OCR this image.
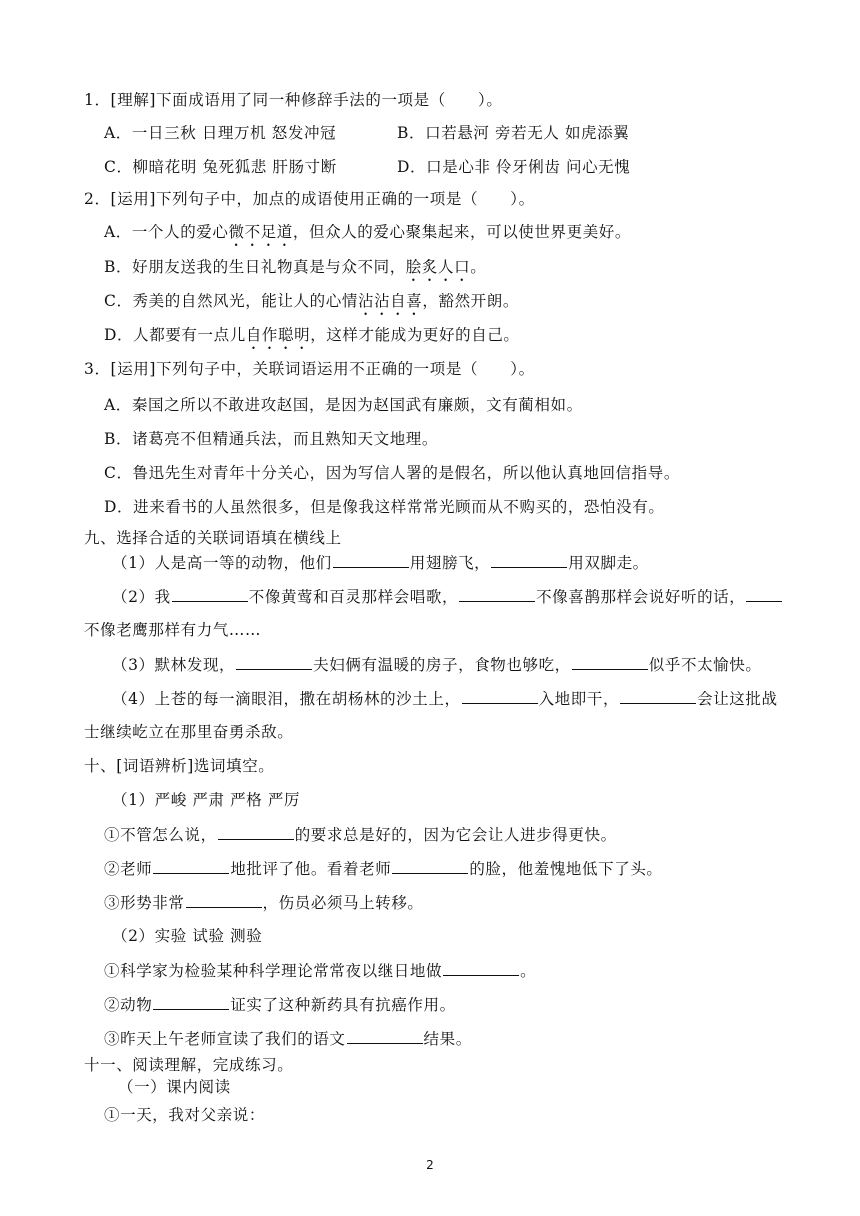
1．[理解]下面成语用了同一种修辞手法的一项是（　　）。
A．一日三秋 日理万机 怒发冲冠	B．口若悬河 旁若无人 如虎添翼
C．柳暗花明 兔死狐悲 肝肠寸断	D．口是心非 伶牙俐齿 问心无愧
2．[运用]下列句子中，加点的成语使用正确的一项是（　　）。
A．一个人的爱心微不足道，但众人的爱心聚集起来，可以使世界更美好。
B．好朋友送我的生日礼物真是与众不同，脍炙人口。
C．秀美的自然风光，能让人的心情沾沾自喜，豁然开朗。
D．人都要有一点儿自作聪明，这样才能成为更好的自己。
3．[运用]下列句子中，关联词语运用不正确的一项是（　　）。
A．秦国之所以不敢进攻赵国，是因为赵国武有廉颇，文有蔺相如。
B．诸葛亮不但精通兵法，而且熟知天文地理。
C．鲁迅先生对青年十分关心，因为写信人署的是假名，所以他认真地回信指导。
D．进来看书的人虽然很多，但是像我这样常常光顾而从不购买的，恐怕没有。
九、选择合适的关联词语填在横线上
（1）人是高一等的动物，他们	用翅膀飞，	用双脚走。
（2）我	不像黄莺和百灵那样会唱歌，	不像喜鹊那样会说好听的话，
不像老鹰那样有力气……
（3）默林发现，	夫妇俩有温暖的房子，食物也够吃，	似乎不太愉快。
（4）上苍的每一滴眼泪，撒在胡杨林的沙土上，	入地即干，	会让这批战
士继续屹立在那里奋勇杀敌。
十、[词语辨析]选词填空。
（1）严峻 严肃 严格 严厉
①不管怎么说，	的要求总是好的，因为它会让人进步得更快。
②老师	地批评了他。看着老师	的脸，他羞愧地低下了头。
③形势非常	，伤员必须马上转移。
（2）实验 试验 测验
①科学家为检验某种科学理论常常夜以继日地做	。
②动物	证实了这种新药具有抗癌作用。
③昨天上午老师宣读了我们的语文	结果。
十一、阅读理解，完成练习。
（一）课内阅读
①一天，我对父亲说：
2
